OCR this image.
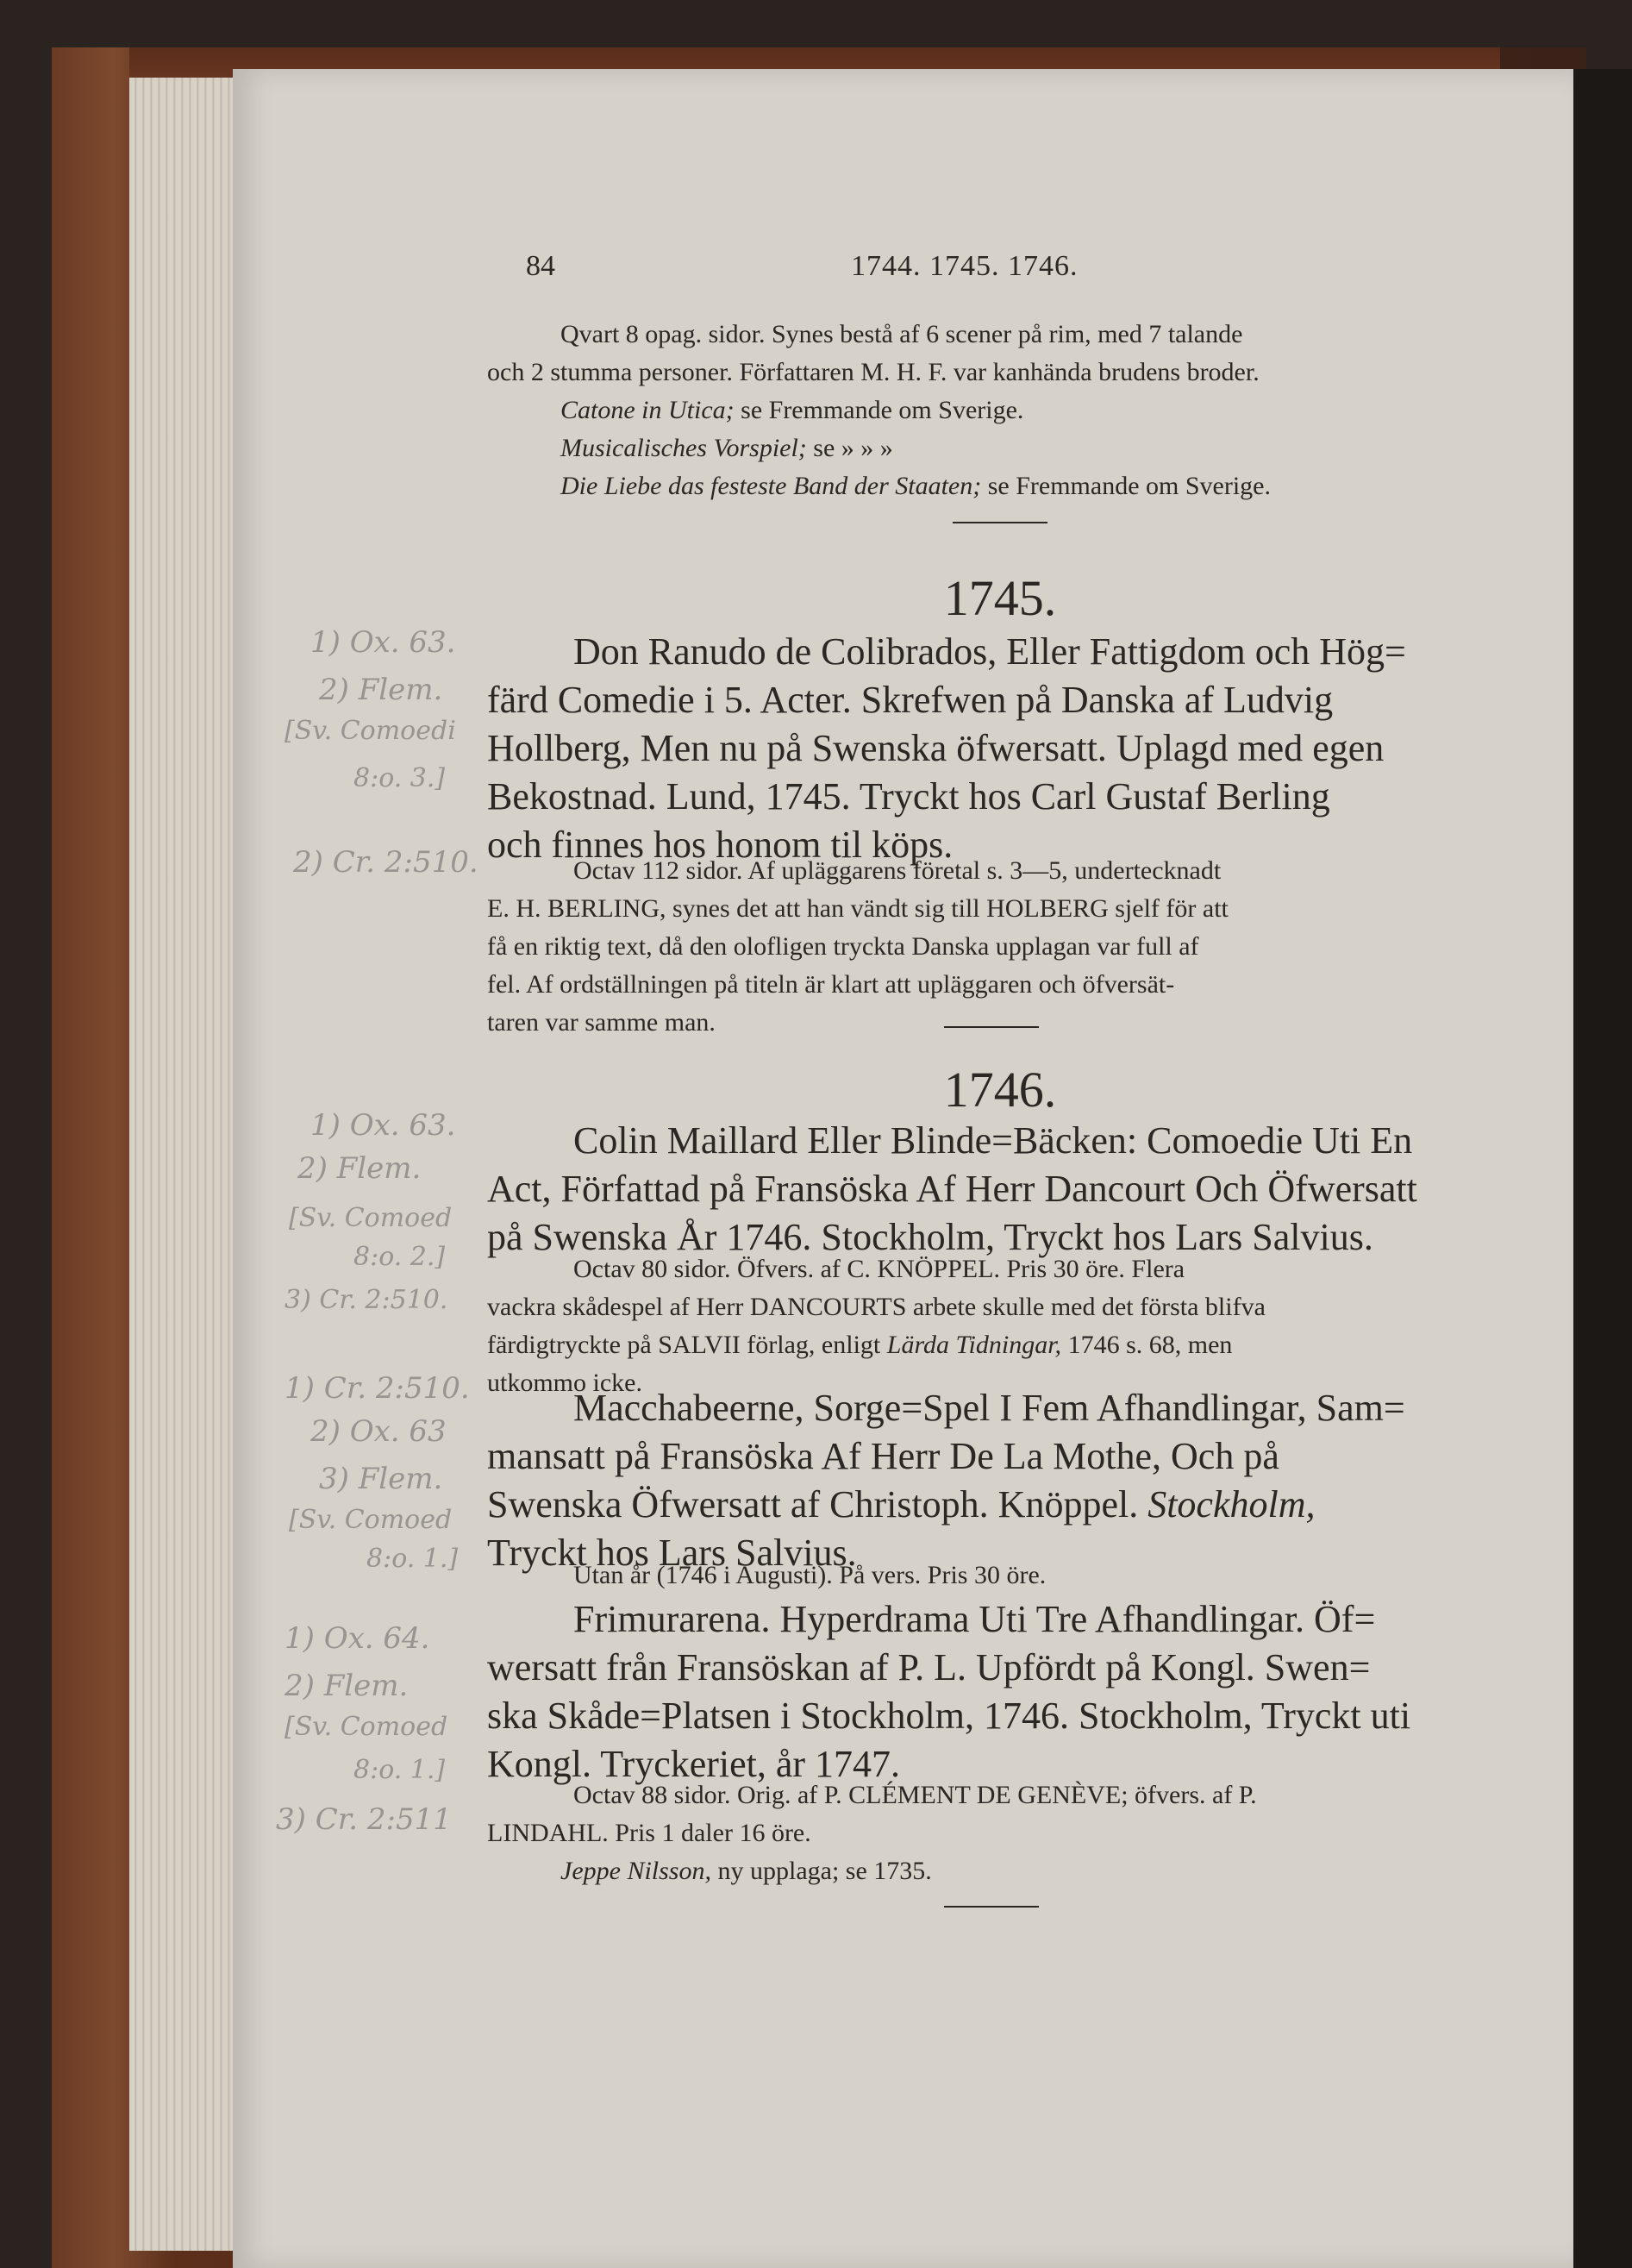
84	1744. 1745. 1746.
Qvart 8 opag. sidor. Synes bestå af 6 scener på rim, med 7 talande
och 2 stumma personer. Författaren M. H. F. var kanhända brudens broder.
Catone in Utica; se Fremmande om Sverige.
Musicalisches Vorspiel; se » » »
Die Liebe das festeste Band der Staaten; se Fremmande om Sverige.
1745.
Don Ranudo de Colibrados, Eller Fattigdom och Hög=
färd Comedie i 5. Acter. Skrefwen på Danska af Ludvig
Hollberg, Men nu på Swenska öfwersatt. Uplagd med egen
Bekostnad. Lund, 1745. Tryckt hos Carl Gustaf Berling
och finnes hos honom til köps.
Octav 112 sidor. Af upläggarens företal s. 3—5, undertecknadt
E. H. BERLING, synes det att han vändt sig till HOLBERG sjelf för att
få en riktig text, då den olofligen tryckta Danska upplagan var full af
fel. Af ordställningen på titeln är klart att upläggaren och öfversät-
taren var samme man.
1746.
Colin Maillard Eller Blinde=Bäcken: Comoedie Uti En
Act, Författad på Fransöska Af Herr Dancourt Och Öfwersatt
på Swenska År 1746. Stockholm, Tryckt hos Lars Salvius.
Octav 80 sidor. Öfvers. af C. KNÖPPEL. Pris 30 öre. Flera
vackra skådespel af Herr DANCOURTS arbete skulle med det första blifva
färdigtryckte på SALVII förlag, enligt Lärda Tidningar, 1746 s. 68, men
utkommo icke.
Macchabeerne, Sorge=Spel I Fem Afhandlingar, Sam=
mansatt på Fransöska Af Herr De La Mothe, Och på
Swenska Öfwersatt af Christoph. Knöppel. Stockholm,
Tryckt hos Lars Salvius.
Utan år (1746 i Augusti). På vers. Pris 30 öre.
Frimurarena. Hyperdrama Uti Tre Afhandlingar. Öf=
wersatt från Fransöskan af P. L. Upfördt på Kongl. Swen=
ska Skåde=Platsen i Stockholm, 1746. Stockholm, Tryckt uti
Kongl. Tryckeriet, år 1747.
Octav 88 sidor. Orig. af P. CLÉMENT DE GENÈVE; öfvers. af P.
LINDAHL. Pris 1 daler 16 öre.
Jeppe Nilsson, ny upplaga; se 1735.
1) Ox. 63.
2) Flem.
[Sv. Comoedi
8:o. 3.]
2) Cr. 2:510.
1) Ox. 63.
2) Flem.
[Sv. Comoed
8:o. 2.]
3) Cr. 2:510.
1) Cr. 2:510.
2) Ox. 63
3) Flem.
[Sv. Comoed
8:o. 1.]
1) Ox. 64.
2) Flem.
[Sv. Comoed
8:o. 1.]
3) Cr. 2:511
